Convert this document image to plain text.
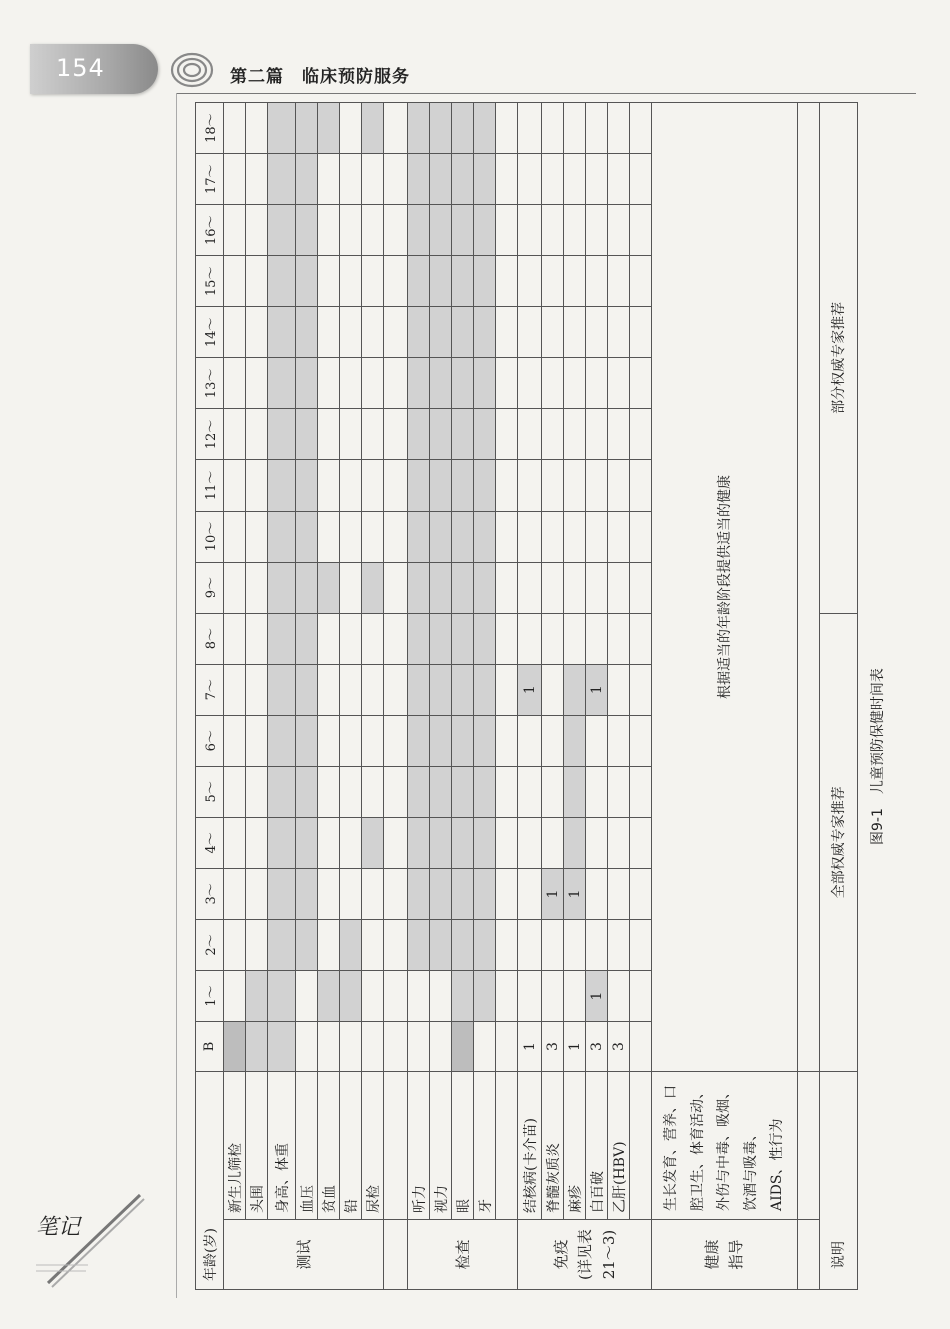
154	第二篇　临床预防服务
笔记
年龄(岁)		B	1～	2～	3～	4～	5～	6～	7～	8～	9～	10～	11～	12～	13～	14～	15～	16～	17～	18～
测试	新生儿筛检																			
	头围																			
	身高、体重																			
	血压																			
	贫血																			
	铅																			
	尿检																			

检查	听力																			
	视力																			
	眼																			
	牙																			

免疫 (详见表 21～3)	结核病(卡介苗)	1							1											
	脊髓灰质炎	3			1															
	麻疹	1			1															
	白百破	3	1						1											
	乙肝(HBV)	3																		

健康 指导	生长发育、营养、口腔卫生、体育活动、外伤与中毒、吸烟、饮酒与吸毒、AIDS、性行为	根据适当的年龄阶段提供适当的健康																		

说明		全部权威专家推荐									部分权威专家推荐									
图9-1　儿童预防保健时间表
